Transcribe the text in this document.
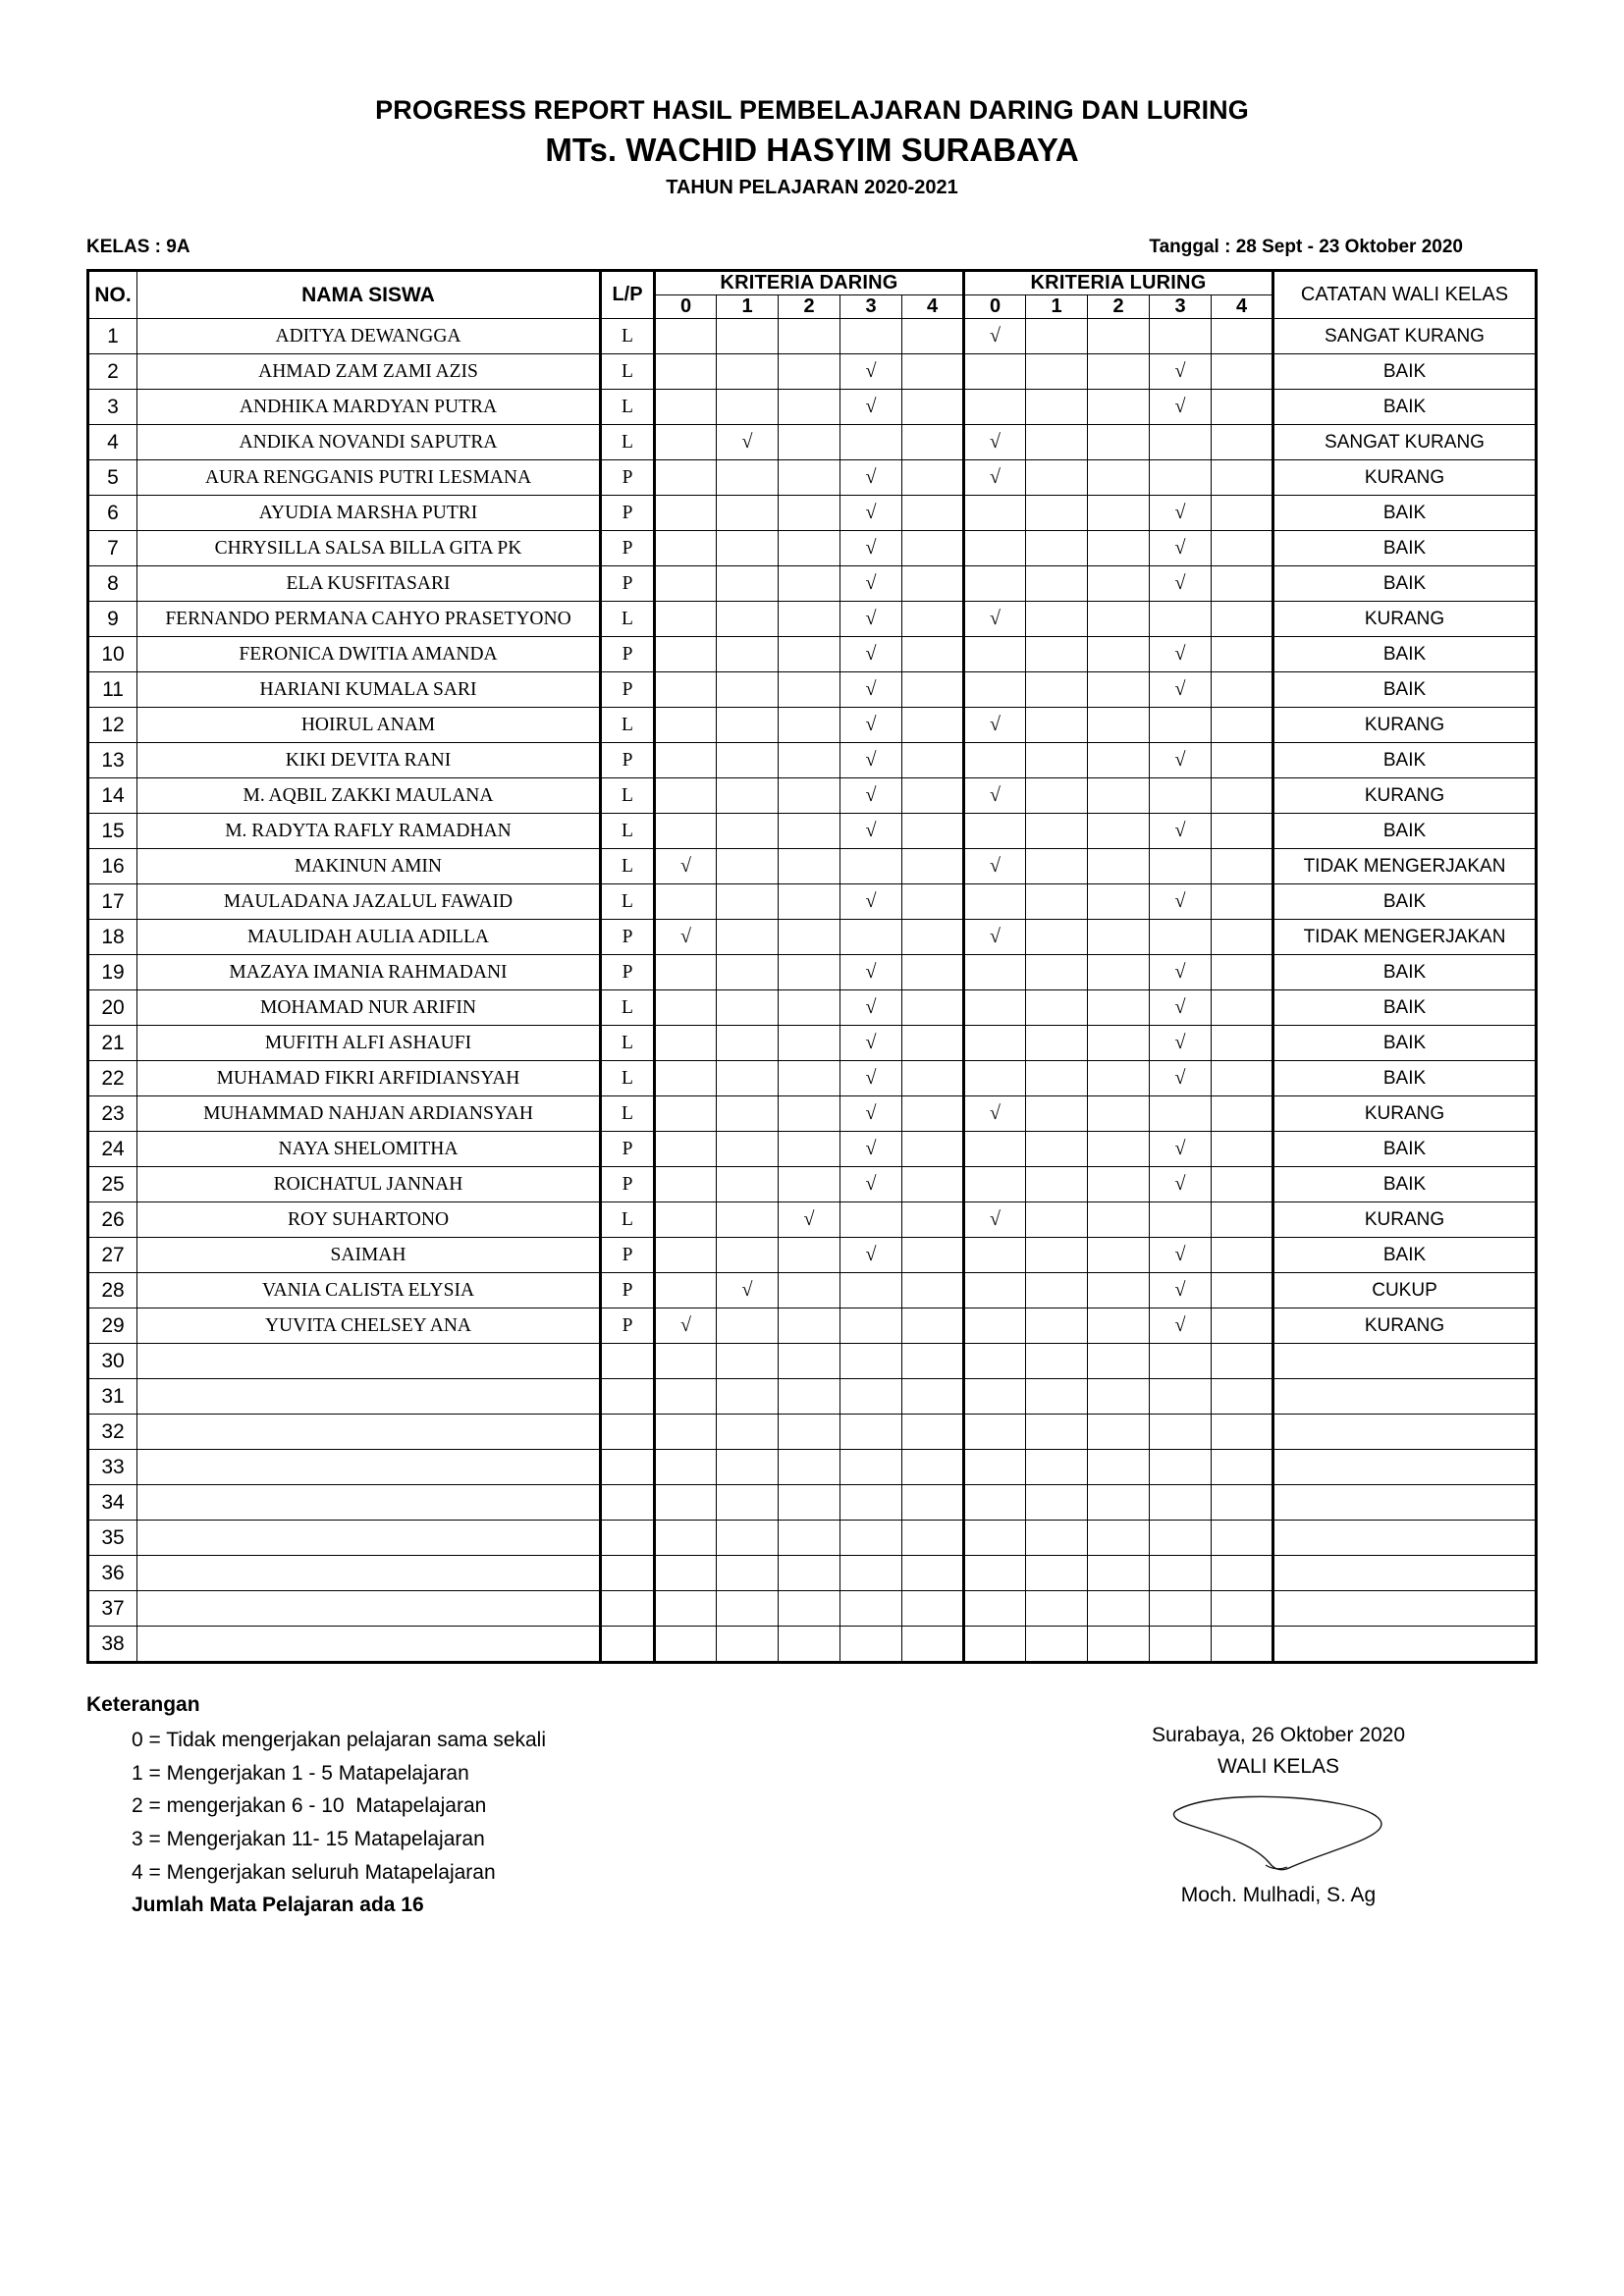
PROGRESS REPORT HASIL PEMBELAJARAN DARING DAN LURING
MTs. WACHID HASYIM SURABAYA
TAHUN PELAJARAN 2020-2021
KELAS : 9A	Tanggal : 28 Sept - 23 Oktober 2020
NO.	NAMA SISWA	L/P	KRITERIA DARING					KRITERIA LURING					CATATAN WALI KELAS
			0	1	2	3	4	0	1	2	3	4	
1	ADITYA DEWANGGA	L						√					SANGAT KURANG
2	AHMAD ZAM ZAMI AZIS	L				√					√		BAIK
3	ANDHIKA MARDYAN PUTRA	L				√					√		BAIK
4	ANDIKA NOVANDI SAPUTRA	L		√				√					SANGAT KURANG
5	AURA RENGGANIS PUTRI LESMANA	P				√		√					KURANG
6	AYUDIA MARSHA PUTRI	P				√					√		BAIK
7	CHRYSILLA SALSA BILLA GITA PK	P				√					√		BAIK
8	ELA KUSFITASARI	P				√					√		BAIK
9	FERNANDO PERMANA CAHYO PRASETYONO	L				√		√					KURANG
10	FERONICA DWITIA AMANDA	P				√					√		BAIK
11	HARIANI KUMALA SARI	P				√					√		BAIK
12	HOIRUL ANAM	L				√		√					KURANG
13	KIKI DEVITA RANI	P				√					√		BAIK
14	M. AQBIL ZAKKI MAULANA	L				√		√					KURANG
15	M. RADYTA RAFLY RAMADHAN	L				√					√		BAIK
16	MAKINUN AMIN	L	√					√					TIDAK MENGERJAKAN
17	MAULADANA JAZALUL FAWAID	L				√					√		BAIK
18	MAULIDAH AULIA ADILLA	P	√					√					TIDAK MENGERJAKAN
19	MAZAYA IMANIA RAHMADANI	P				√					√		BAIK
20	MOHAMAD NUR ARIFIN	L				√					√		BAIK
21	MUFITH ALFI ASHAUFI	L				√					√		BAIK
22	MUHAMAD FIKRI ARFIDIANSYAH	L				√					√		BAIK
23	MUHAMMAD NAHJAN ARDIANSYAH	L				√		√					KURANG
24	NAYA SHELOMITHA	P				√					√		BAIK
25	ROICHATUL JANNAH	P				√					√		BAIK
26	ROY SUHARTONO	L			√			√					KURANG
27	SAIMAH	P				√					√		BAIK
28	VANIA CALISTA ELYSIA	P		√							√		CUKUP
29	YUVITA CHELSEY ANA	P	√								√		KURANG
30													
31													
32													
33													
34													
35													
36													
37													
38													
Keterangan
0 = Tidak mengerjakan pelajaran sama sekali
1 = Mengerjakan 1 - 5 Matapelajaran
2 = mengerjakan 6 - 10  Matapelajaran
3 = Mengerjakan 11- 15 Matapelajaran
4 = Mengerjakan seluruh Matapelajaran
Jumlah Mata Pelajaran ada 16
Surabaya, 26 Oktober 2020
WALI KELAS
Moch. Mulhadi, S. Ag
